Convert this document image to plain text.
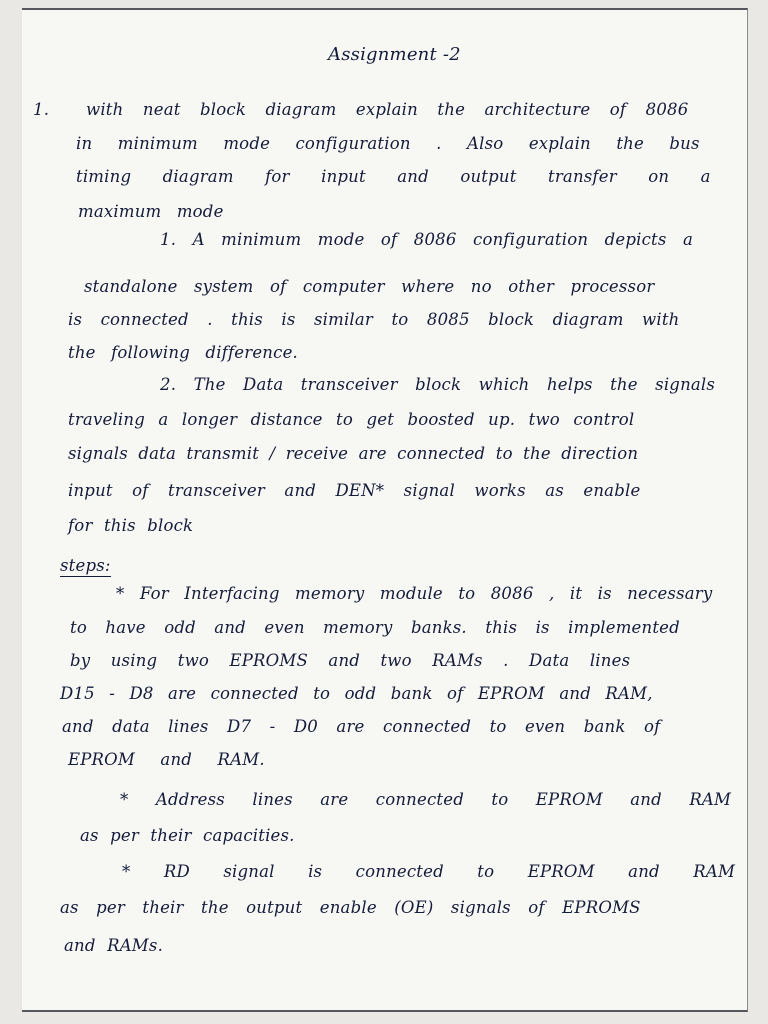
Assignment -2
1. with neat block diagram explain the architecture of 8086
in minimum mode configuration . Also explain the bus
timing diagram for input and output transfer on a
maximum mode
1. A minimum mode of 8086 configuration depicts a
standalone system of computer where no other processor
is connected . this is similar to 8085 block diagram with
the following difference.
2. The Data transceiver block which helps the signals
traveling a longer distance to get boosted up. two control
signals data transmit / receive are connected to the direction
input of transceiver and DEN* signal works as enable
for this block
steps:
* For Interfacing memory module to 8086 , it is necessary
to have odd and even memory banks. this is implemented
by using two EPROMS and two RAMs . Data lines
D15 - D8 are connected to odd bank of EPROM and RAM,
and data lines D7 - D0 are connected to even bank of
EPROM and RAM.
* Address lines are connected to EPROM and RAM
as per their capacities.
* RD signal is connected to EPROM and RAM
as per their the output enable (OE) signals of EPROMS
and RAMs.
